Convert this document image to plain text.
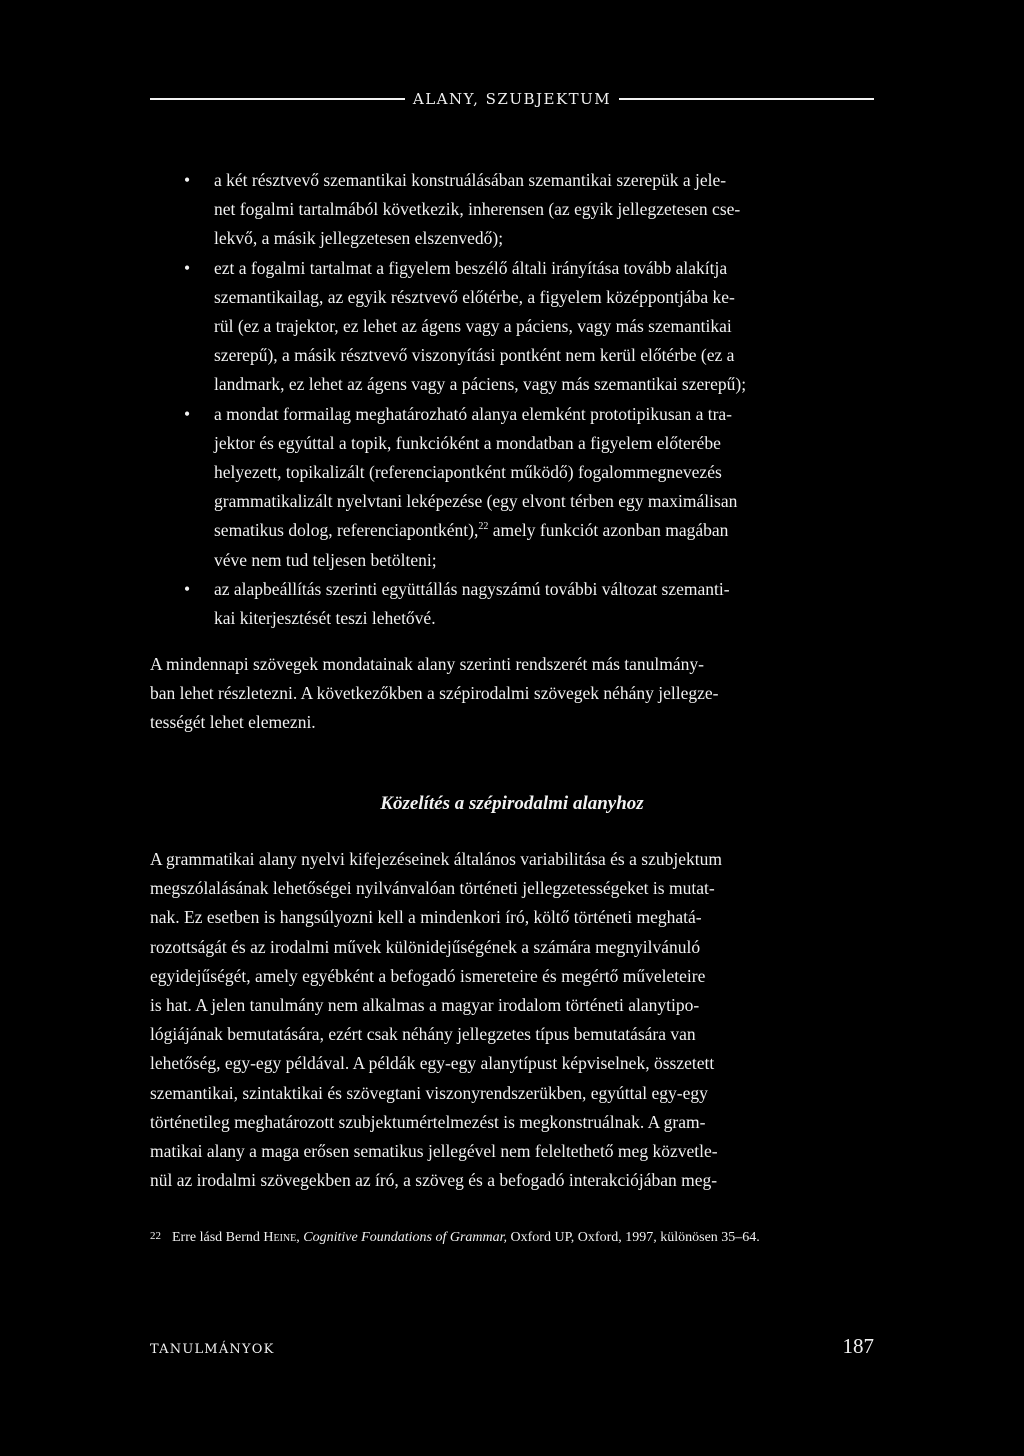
ALANY, SZUBJEKTUM
• a két résztvevő szemantikai konstruálásában szemantikai szerepük a jele-
net fogalmi tartalmából következik, inherensen (az egyik jellegzetesen cse-
lekvő, a másik jellegzetesen elszenvedő);
• ezt a fogalmi tartalmat a figyelem beszélő általi irányítása tovább alakítja
szemantikailag, az egyik résztvevő előtérbe, a figyelem középpontjába ke-
rül (ez a trajektor, ez lehet az ágens vagy a páciens, vagy más szemantikai
szerepű), a másik résztvevő viszonyítási pontként nem kerül előtérbe (ez a
landmark, ez lehet az ágens vagy a páciens, vagy más szemantikai szerepű);
• a mondat formailag meghatározható alanya elemként prototipikusan a tra-
jektor és egyúttal a topik, funkcióként a mondatban a figyelem előterébe
helyezett, topikalizált (referenciapontként működő) fogalommegnevezés
grammatikalizált nyelvtani leképezése (egy elvont térben egy maximálisan
sematikus dolog, referenciapontként),$^{22}$ amely funkciót azonban magában
véve nem tud teljesen betölteni;
• az alapbeállítás szerinti együttállás nagyszámú további változat szemanti-
kai kiterjesztését teszi lehetővé.

A mindennapi szövegek mondatainak alany szerinti rendszerét más tanulmány-
ban lehet részletezni. A következőkben a szépirodalmi szövegek néhány jellegze-
tességét lehet elemezni.

Közelítés a szépirodalmi alanyhoz

A grammatikai alany nyelvi kifejezéseinek általános variabilitása és a szubjektum
megszólalásának lehetőségei nyilvánvalóan történeti jellegzetességeket is mutat-
nak. Ez esetben is hangsúlyozni kell a mindenkori író, költő történeti meghatá-
rozottságát és az irodalmi művek különidejűségének a számára megnyilvánuló
egyidejűségét, amely egyébként a befogadó ismereteire és megértő műveleteire
is hat. A jelen tanulmány nem alkalmas a magyar irodalom történeti alanytipo-
lógiájának bemutatására, ezért csak néhány jellegzetes típus bemutatására van
lehetőség, egy-egy példával. A példák egy-egy alanytípust képviselnek, összetett
szemantikai, szintaktikai és szövegtani viszonyrendszerükben, egyúttal egy-egy
történetileg meghatározott szubjektumértelmezést is megkonstruálnak. A gram-
matikai alany a maga erősen sematikus jellegével nem feleltethető meg közvetle-
nül az irodalmi szövegekben az író, a szöveg és a befogadó interakciójában meg-

22 Erre lásd Bernd Heine, Cognitive Foundations of Grammar, Oxford UP, Oxford, 1997, különösen 35–64.
TANULMÁNYOK	187
